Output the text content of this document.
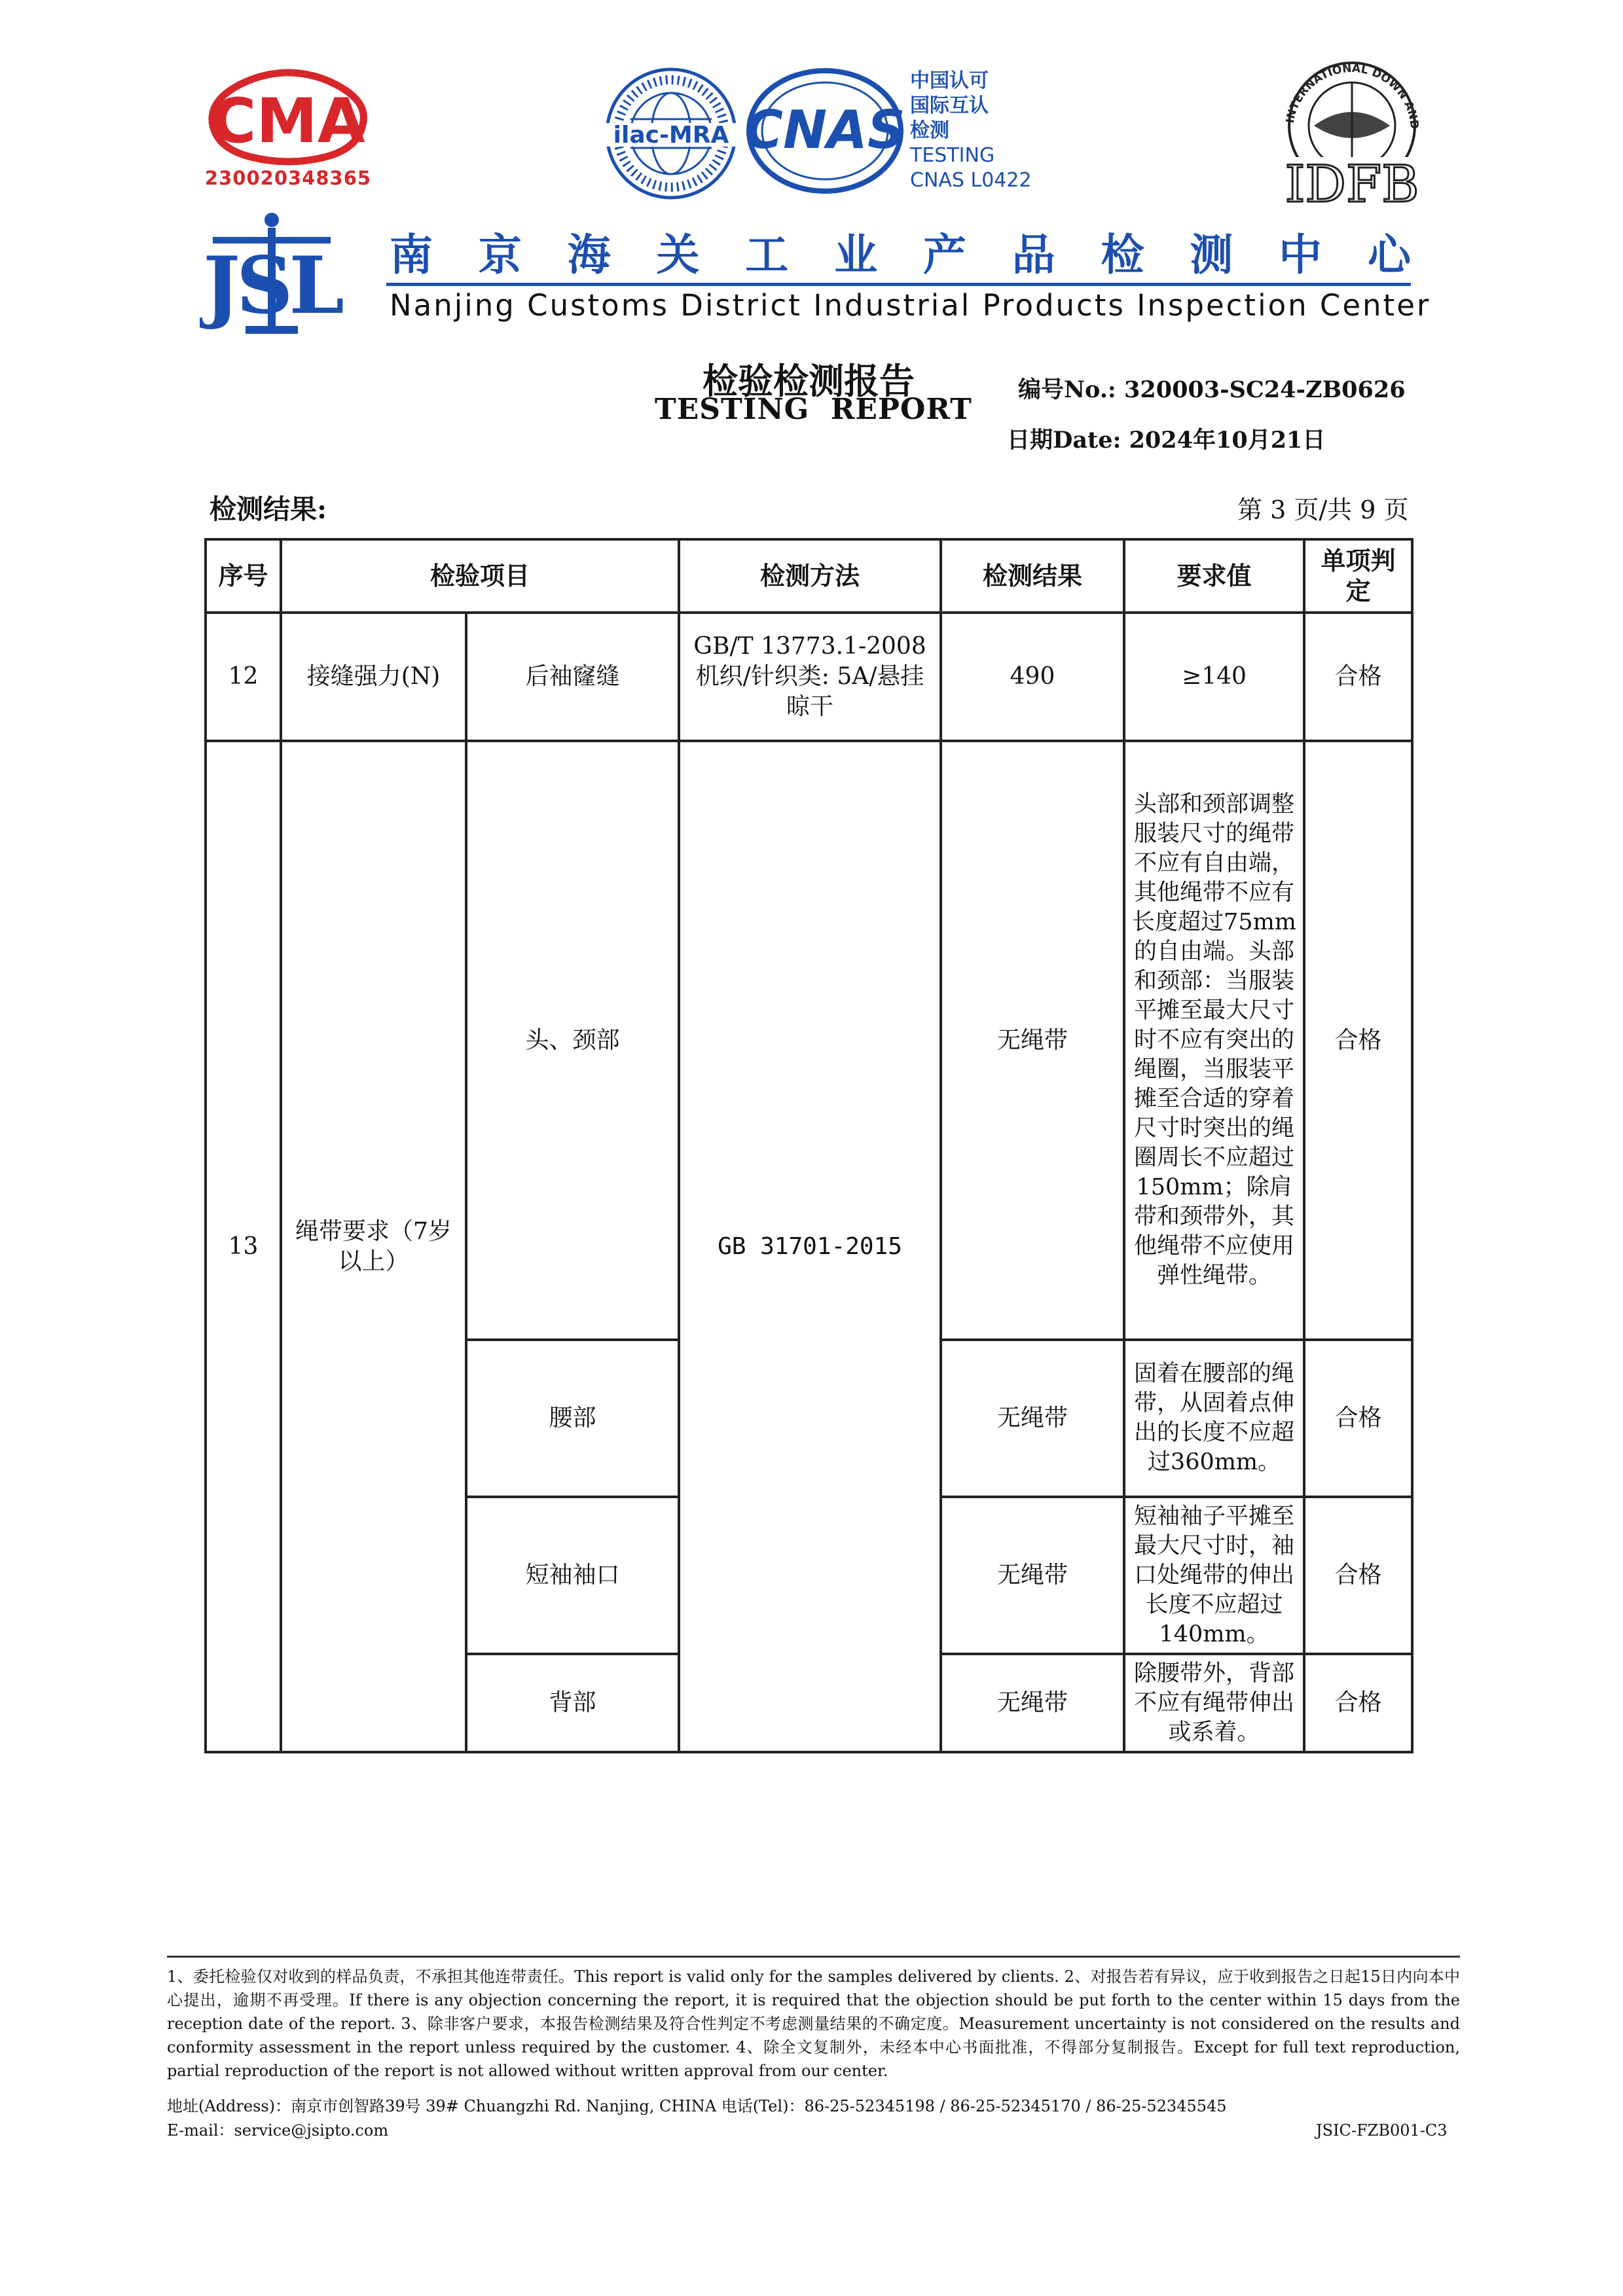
CMA
230020348365
ilac-MRA CNAS
中国认可
国际互认
检测
TESTING
CNAS L0422
INTERNATIONAL DOWN AND
IDFB
JSL 南 京 海 关 工 业 产 品 检 测 中 心
Nanjing Customs District Industrial Products Inspection Center
检验检测报告
TESTING  REPORT
编号No.: 320003-SC24-ZB0626
日期Date: 2024年10月21日
检测结果:	第 3 页/共 9 页
序号	检验项目		检测方法	检测结果	要求值	单项判定
12	接缝强力(N)	后袖窿缝	GB/T 13773.1-2008 机织/针织类: 5A/悬挂晾干	490	≥140	合格
13	绳带要求（7岁以上）	头、颈部	GB 31701-2015	无绳带	头部和颈部调整服装尺寸的绳带不应有自由端，其他绳带不应有长度超过75mm的自由端。头部和颈部：当服装平摊至最大尺寸时不应有突出的绳圈，当服装平摊至合适的穿着尺寸时突出的绳圈周长不应超过150mm；除肩带和颈带外，其他绳带不应使用弹性绳带。	合格
		腰部		无绳带	固着在腰部的绳带，从固着点伸出的长度不应超过360mm。	合格
		短袖袖口		无绳带	短袖袖子平摊至最大尺寸时，袖口处绳带的伸出长度不应超过140mm。	合格
		背部		无绳带	除腰带外，背部不应有绳带伸出或系着。	合格
1、委托检验仅对收到的样品负责，不承担其他连带责任。This report is valid only for the samples delivered by clients. 2、对报告若有异议，应于收到报告之日起15日内向本中心提出，逾期不再受理。If there is any objection concerning the report, it is required that the objection should be put forth to the center within 15 days from the reception date of the report. 3、除非客户要求，本报告检测结果及符合性判定不考虑测量结果的不确定度。Measurement uncertainty is not considered on the results and conformity assessment in the report unless required by the customer. 4、除全文复制外，未经本中心书面批准，不得部分复制报告。Except for full text reproduction, partial reproduction of the report is not allowed without written approval from our center.
地址(Address)：南京市创智路39号 39# Chuangzhi Rd. Nanjing, CHINA 电话(Tel)：86-25-52345198 / 86-25-52345170 / 86-25-52345545
E-mail：service@jsipto.com	JSIC-FZB001-C3
